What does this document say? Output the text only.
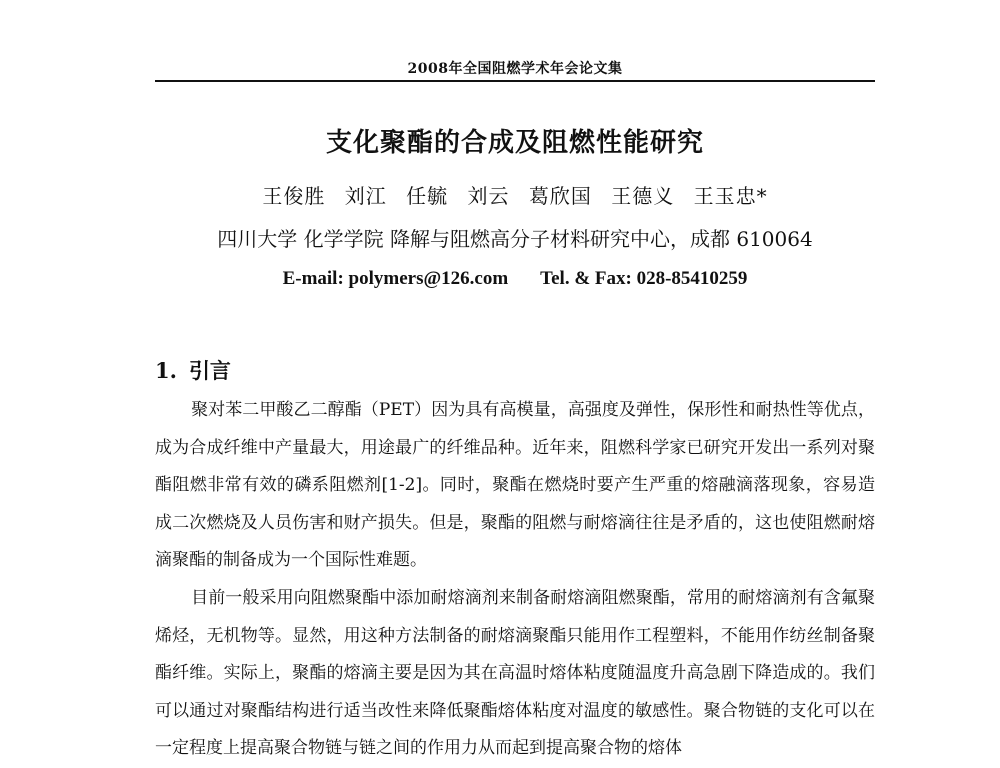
2008年全国阻燃学术年会论文集
支化聚酯的合成及阻燃性能研究
王俊胜 刘江 任毓 刘云 葛欣国 王德义 王玉忠*
四川大学 化学学院 降解与阻燃高分子材料研究中心，成都 610064
E-mail: polymers@126.com Tel. & Fax: 028-85410259
1. 引言
聚对苯二甲酸乙二醇酯（PET）因为具有高模量，高强度及弹性，保形性和耐热性等优点，成为合成纤维中产量最大，用途最广的纤维品种。近年来，阻燃科学家已研究开发出一系列对聚酯阻燃非常有效的磷系阻燃剂[1-2]。同时，聚酯在燃烧时要产生严重的熔融滴落现象，容易造成二次燃烧及人员伤害和财产损失。但是，聚酯的阻燃与耐熔滴往往是矛盾的，这也使阻燃耐熔滴聚酯的制备成为一个国际性难题。
目前一般采用向阻燃聚酯中添加耐熔滴剂来制备耐熔滴阻燃聚酯，常用的耐熔滴剂有含氟聚烯烃，无机物等。显然，用这种方法制备的耐熔滴聚酯只能用作工程塑料，不能用作纺丝制备聚酯纤维。实际上，聚酯的熔滴主要是因为其在高温时熔体粘度随温度升高急剧下降造成的。我们可以通过对聚酯结构进行适当改性来降低聚酯熔体粘度对温度的敏感性。聚合物链的支化可以在一定程度上提高聚合物链与链之间的作用力从而起到提高聚合物的熔体
